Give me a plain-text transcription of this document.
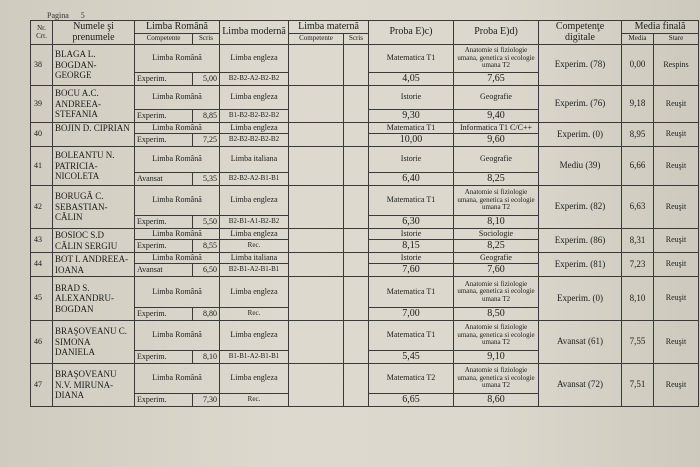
Pagina 5
Nr. Crt.	Numele şi prenumele	Limba Română		Limba modernă	Limba maternă		Proba E)c)	Proba E)d)	Competenţe digitale	Media finală	
		Competente	Scris		Competente	Scris				Media	Stare
38	BLAGA L. BOGDAN-GEORGE	Limba Română		Limba engleza			Matematica T1	Anatomie si fiziologie umana, genetica si ecologie umana T2	Experim. (78)	0,00	Respins
		Experim.	5,00	B2-B2-A2-B2-B2			4,05	7,65			
39	BOCU A.C. ANDREEA-STEFANIA	Limba Română		Limba engleza			Istorie	Geografie	Experim. (76)	9,18	Reuşit
		Experim.	8,85	B1-B2-B2-B2-B2			9,30	9,40			
40	BOJIN D. CIPRIAN	Limba Română		Limba engleza			Matematica T1	Informatica T1 C/C++	Experim. (0)	8,95	Reuşit
		Experim.	7,25	B2-B2-B2-B2-B2			10,00	9,60			
41	BOLEANTU N. PATRICIA-NICOLETA	Limba Română		Limba italiana			Istorie	Geografie	Mediu (39)	6,66	Reuşit
		Avansat	5,35	B2-B2-A2-B1-B1			6,40	8,25			
42	BORUGĂ C. SEBASTIAN-CĂLIN	Limba Română		Limba engleza			Matematica T1	Anatomie si fiziologie umana, genetica si ecologie umana T2	Experim. (82)	6,63	Reuşit
		Experim.	5,50	B2-B1-A1-B2-B2			6,30	8,10			
43	BOSIOC S.D CĂLIN SERGIU	Limba Română		Limba engleza			Istorie	Sociologie	Experim. (86)	8,31	Reuşit
		Experim.	8,55	Rec.			8,15	8,25			
44	BOT I. ANDREEA-IOANA	Limba Română		Limba italiana			Istorie	Geografie	Experim. (81)	7,23	Reuşit
		Avansat	6,50	B2-B1-A2-B1-B1			7,60	7,60			
45	BRAD S. ALEXANDRU-BOGDAN	Limba Română		Limba engleza			Matematica T1	Anatomie si fiziologie umana, genetica si ecologie umana T2	Experim. (0)	8,10	Reuşit
		Experim.	8,80	Rec.			7,00	8,50			
46	BRAŞOVEANU C. SIMONA DANIELA	Limba Română		Limba engleza			Matematica T1	Anatomie si fiziologie umana, genetica si ecologie umana T2	Avansat (61)	7,55	Reuşit
		Experim.	8,10	B1-B1-A2-B1-B1			5,45	9,10			
47	BRAŞOVEANU N.V. MIRUNA-DIANA	Limba Română		Limba engleza			Matematica T2	Anatomie si fiziologie umana, genetica si ecologie umana T2	Avansat (72)	7,51	Reuşit
		Experim.	7,30	Rec.			6,65	8,60			
